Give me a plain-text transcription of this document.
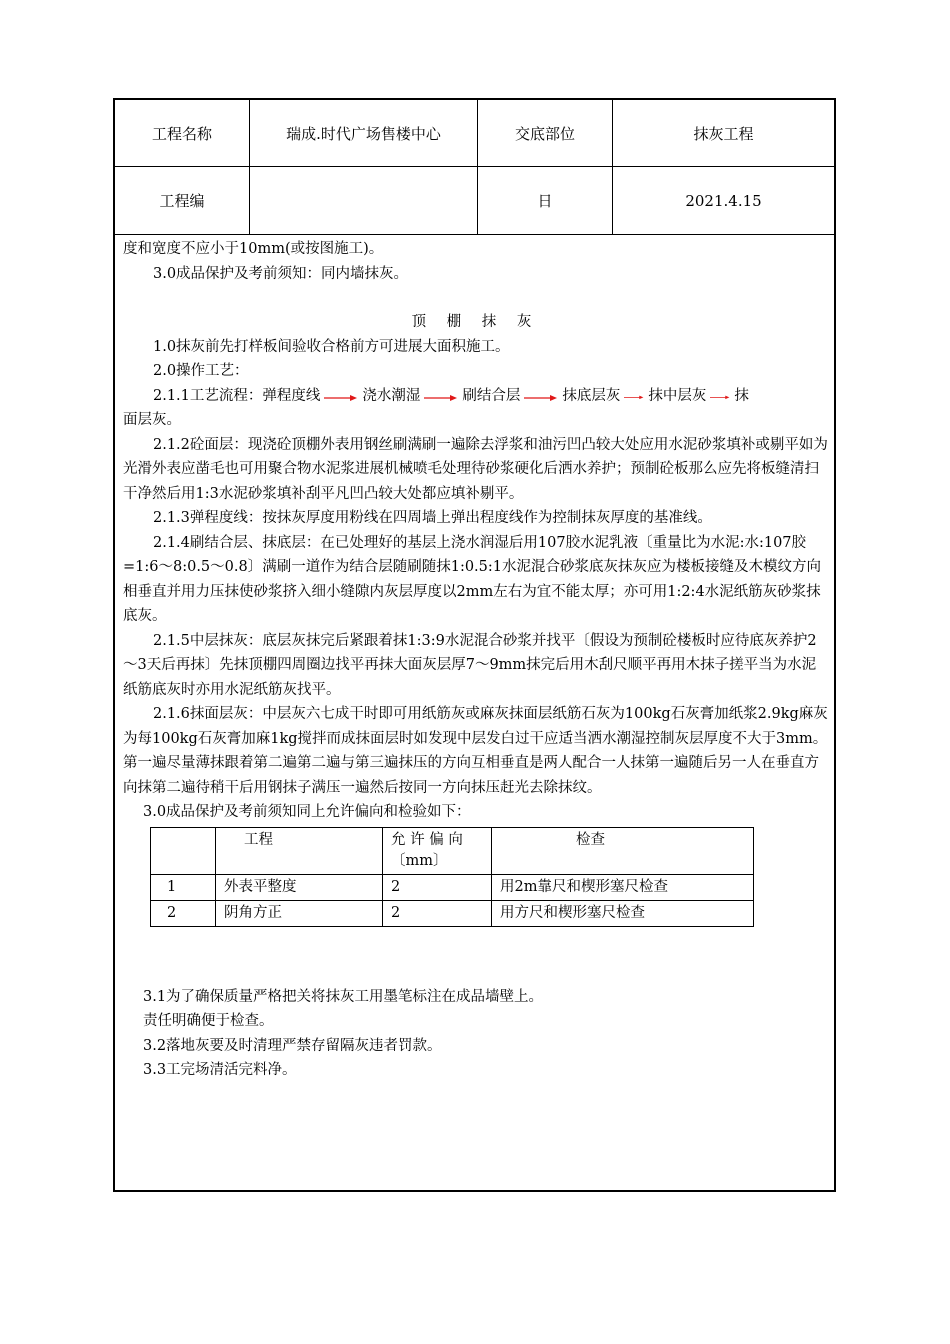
工程名称	瑞成.时代广场售楼中心	交底部位	抹灰工程
工程编		日	2021.4.15

度和宽度不应小于10mm(或按图施工)。

3.0成品保护及考前须知：同内墙抹灰。

顶 棚 抹 灰

1.0抹灰前先打样板间验收合格前方可进展大面积施工。

2.0操作工艺：

2.1.1工艺流程：弹程度线	浇水潮湿	刷结合层	抹底层灰 抹中层灰 抹

面层灰。

2.1.2砼面层：现浇砼顶棚外表用钢丝刷满刷一遍除去浮浆和油污凹凸较大处应用水泥砂浆填补或剔平如为光滑外表应凿毛也可用聚合物水泥浆进展机械喷毛处理待砂浆硬化后洒水养护；预制砼板那么应先将板缝清扫干净然后用1:3水泥砂浆填补刮平凡凹凸较大处都应填补剔平。

2.1.3弹程度线：按抹灰厚度用粉线在四周墙上弹出程度线作为控制抹灰厚度的基准线。

2.1.4刷结合层、抹底层：在已处理好的基层上浇水润湿后用107胶水泥乳液〔重量比为水泥:水:107胶=1:6～8:0.5～0.8〕满刷一道作为结合层随刷随抹1:0.5:1水泥混合砂浆底灰抹灰应为楼板接缝及木模纹方向相垂直并用力压抹使砂浆挤入细小缝隙内灰层厚度以2mm左右为宜不能太厚；亦可用1:2:4水泥纸筋灰砂浆抹底灰。

2.1.5中层抹灰：底层灰抹完后紧跟着抹1:3:9水泥混合砂浆并找平〔假设为预制砼楼板时应待底灰养护2～3天后再抹〕先抹顶棚四周圈边找平再抹大面灰层厚7～9mm抹完后用木刮尺顺平再用木抹子搓平当为水泥纸筋底灰时亦用水泥纸筋灰找平。

2.1.6抹面层灰：中层灰六七成干时即可用纸筋灰或麻灰抹面层纸筋石灰为100kg石灰膏加纸浆2.9kg麻灰为每100kg石灰膏加麻1kg搅拌而成抹面层时如发现中层发白过干应适当洒水潮湿控制灰层厚度不大于3mm。第一遍尽量薄抹跟着第二遍第二遍与第三遍抹压的方向互相垂直是两人配合一人抹第一遍随后另一人在垂直方向抹第二遍待稍干后用钢抹子满压一遍然后按同一方向抹压赶光去除抹纹。

3.0成品保护及考前须知同上允许偏向和检验如下：

	工程	允 许 偏 向〔mm〕	检查
1	外表平整度	2	用2m靠尺和楔形塞尺检查
2	阴角方正	2	用方尺和楔形塞尺检查

3.1为了确保质量严格把关将抹灰工用墨笔标注在成品墙壁上。

责任明确便于检查。

3.2落地灰要及时清理严禁存留隔灰违者罚款。

3.3工完场清活完料净。
